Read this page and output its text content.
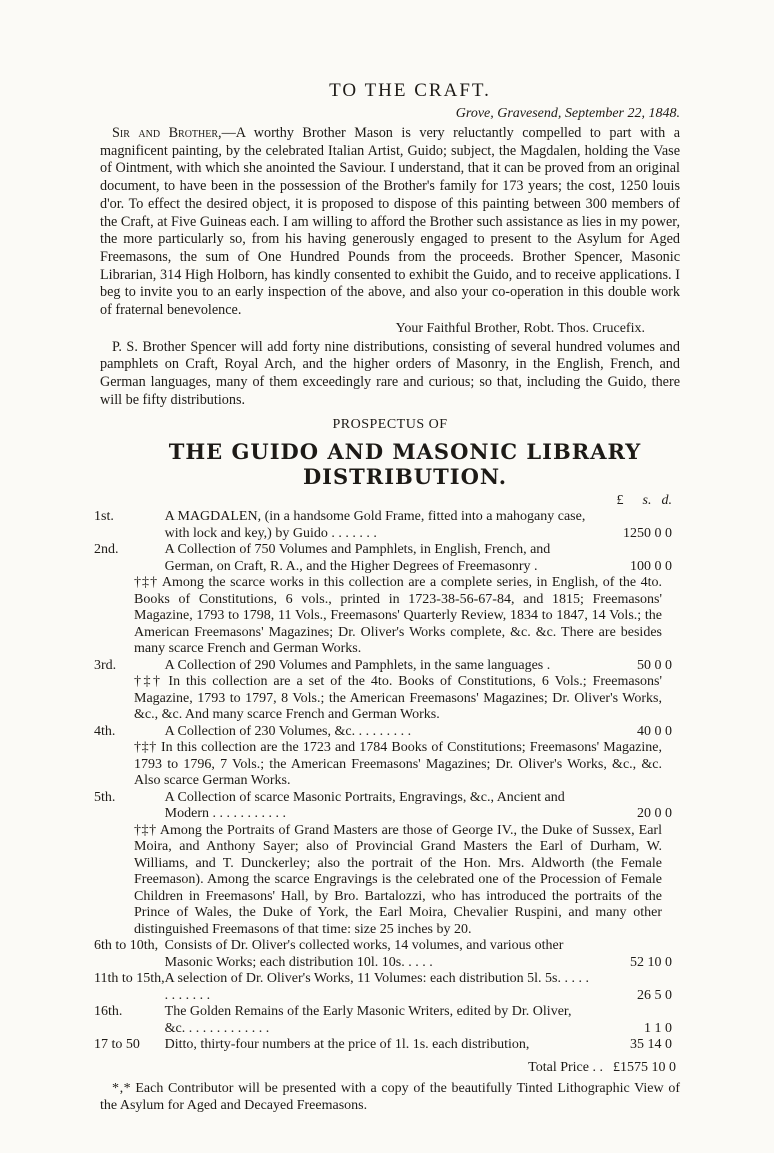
TO THE CRAFT.
Grove, Gravesend, September 22, 1848.

Sir and Brother,—A worthy Brother Mason is very reluctantly compelled to part with a magnificent painting, by the celebrated Italian Artist, Guido; subject, the Magdalen, holding the Vase of Ointment, with which she anointed the Saviour. I understand, that it can be proved from an original document, to have been in the possession of the Brother's family for 173 years; the cost, 1250 louis d'or. To effect the desired object, it is proposed to dispose of this painting between 300 members of the Craft, at Five Guineas each. I am willing to afford the Brother such assistance as lies in my power, the more particularly so, from his having generously engaged to present to the Asylum for Aged Freemasons, the sum of One Hundred Pounds from the proceeds. Brother Spencer, Masonic Librarian, 314 High Holborn, has kindly consented to exhibit the Guido, and to receive applications. I beg to invite you to an early inspection of the above, and also your co-operation in this double work of fraternal benevolence.

Your Faithful Brother, Robt. Thos. Crucefix.

P. S. Brother Spencer will add forty nine distributions, consisting of several hundred volumes and pamphlets on Craft, Royal Arch, and the higher orders of Masonry, in the English, French, and German languages, many of them exceedingly rare and curious; so that, including the Guido, there will be fifty distributions.

PROSPECTUS OF
THE GUIDO AND MASONIC LIBRARY DISTRIBUTION.
		£ s. d.
1st.	A MAGDALEN, (in a handsome Gold Frame, fitted into a mahogany case, with lock and key,) by Guido . . . . . . .	1250 0 0
2nd.	A Collection of 750 Volumes and Pamphlets, in English, French, and German, on Craft, R. A., and the Higher Degrees of Freemasonry .	100 0 0
†‡† Among the scarce works in this collection are a complete series, in English, of the 4to. Books of Constitutions, 6 vols., printed in 1723-38-56-67-84, and 1815; Freemasons' Magazine, 1793 to 1798, 11 Vols., Freemasons' Quarterly Review, 1834 to 1847, 14 Vols.; the American Freemasons' Magazines; Dr. Oliver's Works complete, &c. &c. There are besides many scarce French and German Works.		
3rd.	A Collection of 290 Volumes and Pamphlets, in the same languages .	50 0 0
†‡† In this collection are a set of the 4to. Books of Constitutions, 6 Vols.; Freemasons' Magazine, 1793 to 1797, 8 Vols.; the American Freemasons' Magazines; Dr. Oliver's Works, &c., &c. And many scarce French and German Works.		
4th.	A Collection of 230 Volumes, &c. . . . . . . . .	40 0 0
†‡† In this collection are the 1723 and 1784 Books of Constitutions; Freemasons' Magazine, 1793 to 1796, 7 Vols.; the American Freemasons' Magazines; Dr. Oliver's Works, &c., &c. Also scarce German Works.		
5th.	A Collection of scarce Masonic Portraits, Engravings, &c., Ancient and Modern . . . . . . . . . . .	20 0 0
†‡† Among the Portraits of Grand Masters are those of George IV., the Duke of Sussex, Earl Moira, and Anthony Sayer; also of Provincial Grand Masters the Earl of Durham, W. Williams, and T. Dunckerley; also the portrait of the Hon. Mrs. Aldworth (the Female Freemason). Among the scarce Engravings is the celebrated one of the Procession of Female Children in Freemasons' Hall, by Bro. Bartalozzi, who has introduced the portraits of the Prince of Wales, the Duke of York, the Earl Moira, Chevalier Ruspini, and many other distinguished Freemasons of that time: size 25 inches by 20.		
6th to 10th,	Consists of Dr. Oliver's collected works, 14 volumes, and various other Masonic Works; each distribution 10l. 10s. . . . .	52 10 0
11th to 15th,	A selection of Dr. Oliver's Works, 11 Volumes: each distribution 5l. 5s. . . . . . . . . . . .	26 5 0
16th.	The Golden Remains of the Early Masonic Writers, edited by Dr. Oliver, &c. . . . . . . . . . . . .	1 1 0
17 to 50	Ditto, thirty-four numbers at the price of 1l. 1s. each distribution,	35 14 0
Total Price . . £1575 10 0

*‚* Each Contributor will be presented with a copy of the beautifully Tinted Lithographic View of the Asylum for Aged and Decayed Freemasons.
